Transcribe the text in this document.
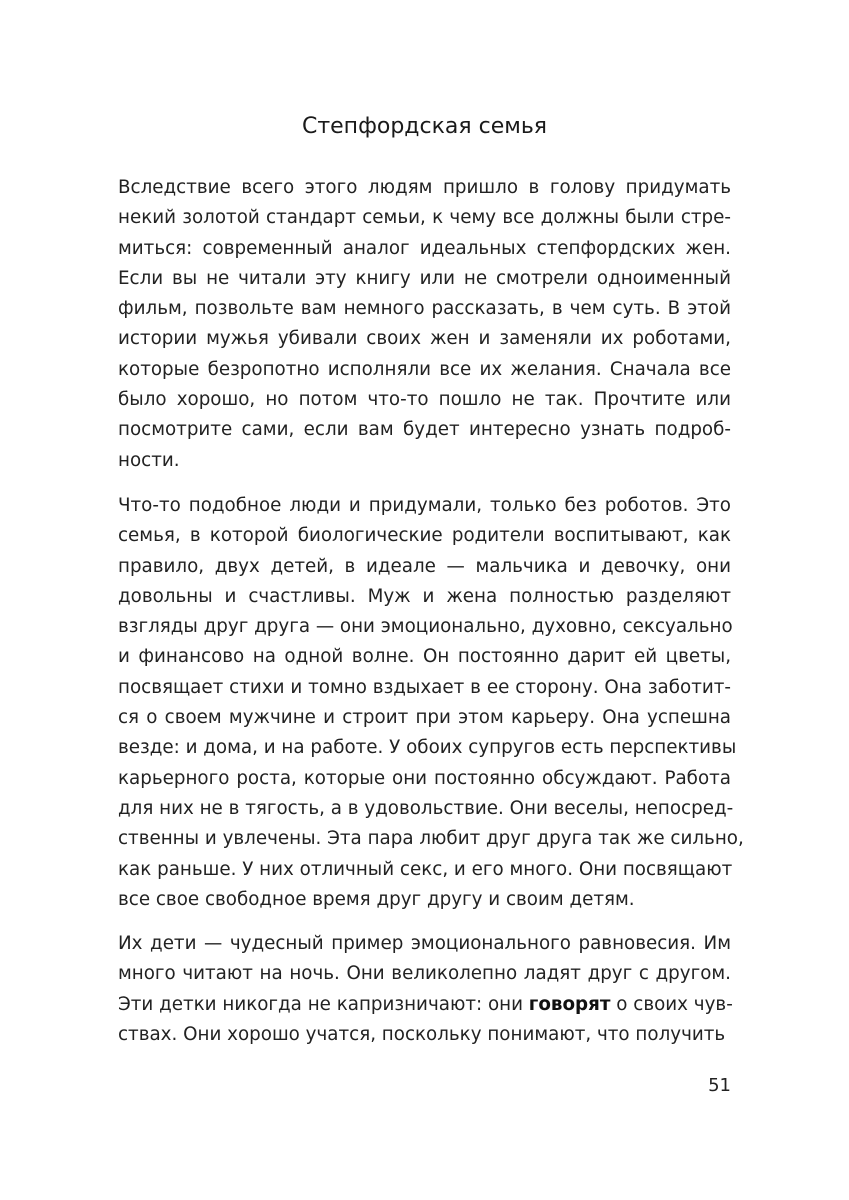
Степфордская семья

Вследствие всего этого людям пришло в голову придумать
некий золотой стандарт семьи, к чему все должны были стре-
миться: современный аналог идеальных степфордских жен.
Если вы не читали эту книгу или не смотрели одноименный
фильм, позвольте вам немного рассказать, в чем суть. В этой
истории мужья убивали своих жен и заменяли их роботами,
которые безропотно исполняли все их желания. Сначала все
было хорошо, но потом что-то пошло не так. Прочтите или
посмотрите сами, если вам будет интересно узнать подроб-
ности.

Что-то подобное люди и придумали, только без роботов. Это
семья, в которой биологические родители воспитывают, как
правило, двух детей, в идеале — мальчика и девочку, они
довольны и счастливы. Муж и жена полностью разделяют
взгляды друг друга — они эмоционально, духовно, сексуально
и финансово на одной волне. Он постоянно дарит ей цветы,
посвящает стихи и томно вздыхает в ее сторону. Она заботит-
ся о своем мужчине и строит при этом карьеру. Она успешна
везде: и дома, и на работе. У обоих супругов есть перспективы
карьерного роста, которые они постоянно обсуждают. Работа
для них не в тягость, а в удовольствие. Они веселы, непосред-
ственны и увлечены. Эта пара любит друг друга так же сильно,
как раньше. У них отличный секс, и его много. Они посвящают
все свое свободное время друг другу и своим детям.

Их дети — чудесный пример эмоционального равновесия. Им
много читают на ночь. Они великолепно ладят друг с другом.
Эти детки никогда не капризничают: они говорят о своих чув-
ствах. Они хорошо учатся, поскольку понимают, что получить

51
